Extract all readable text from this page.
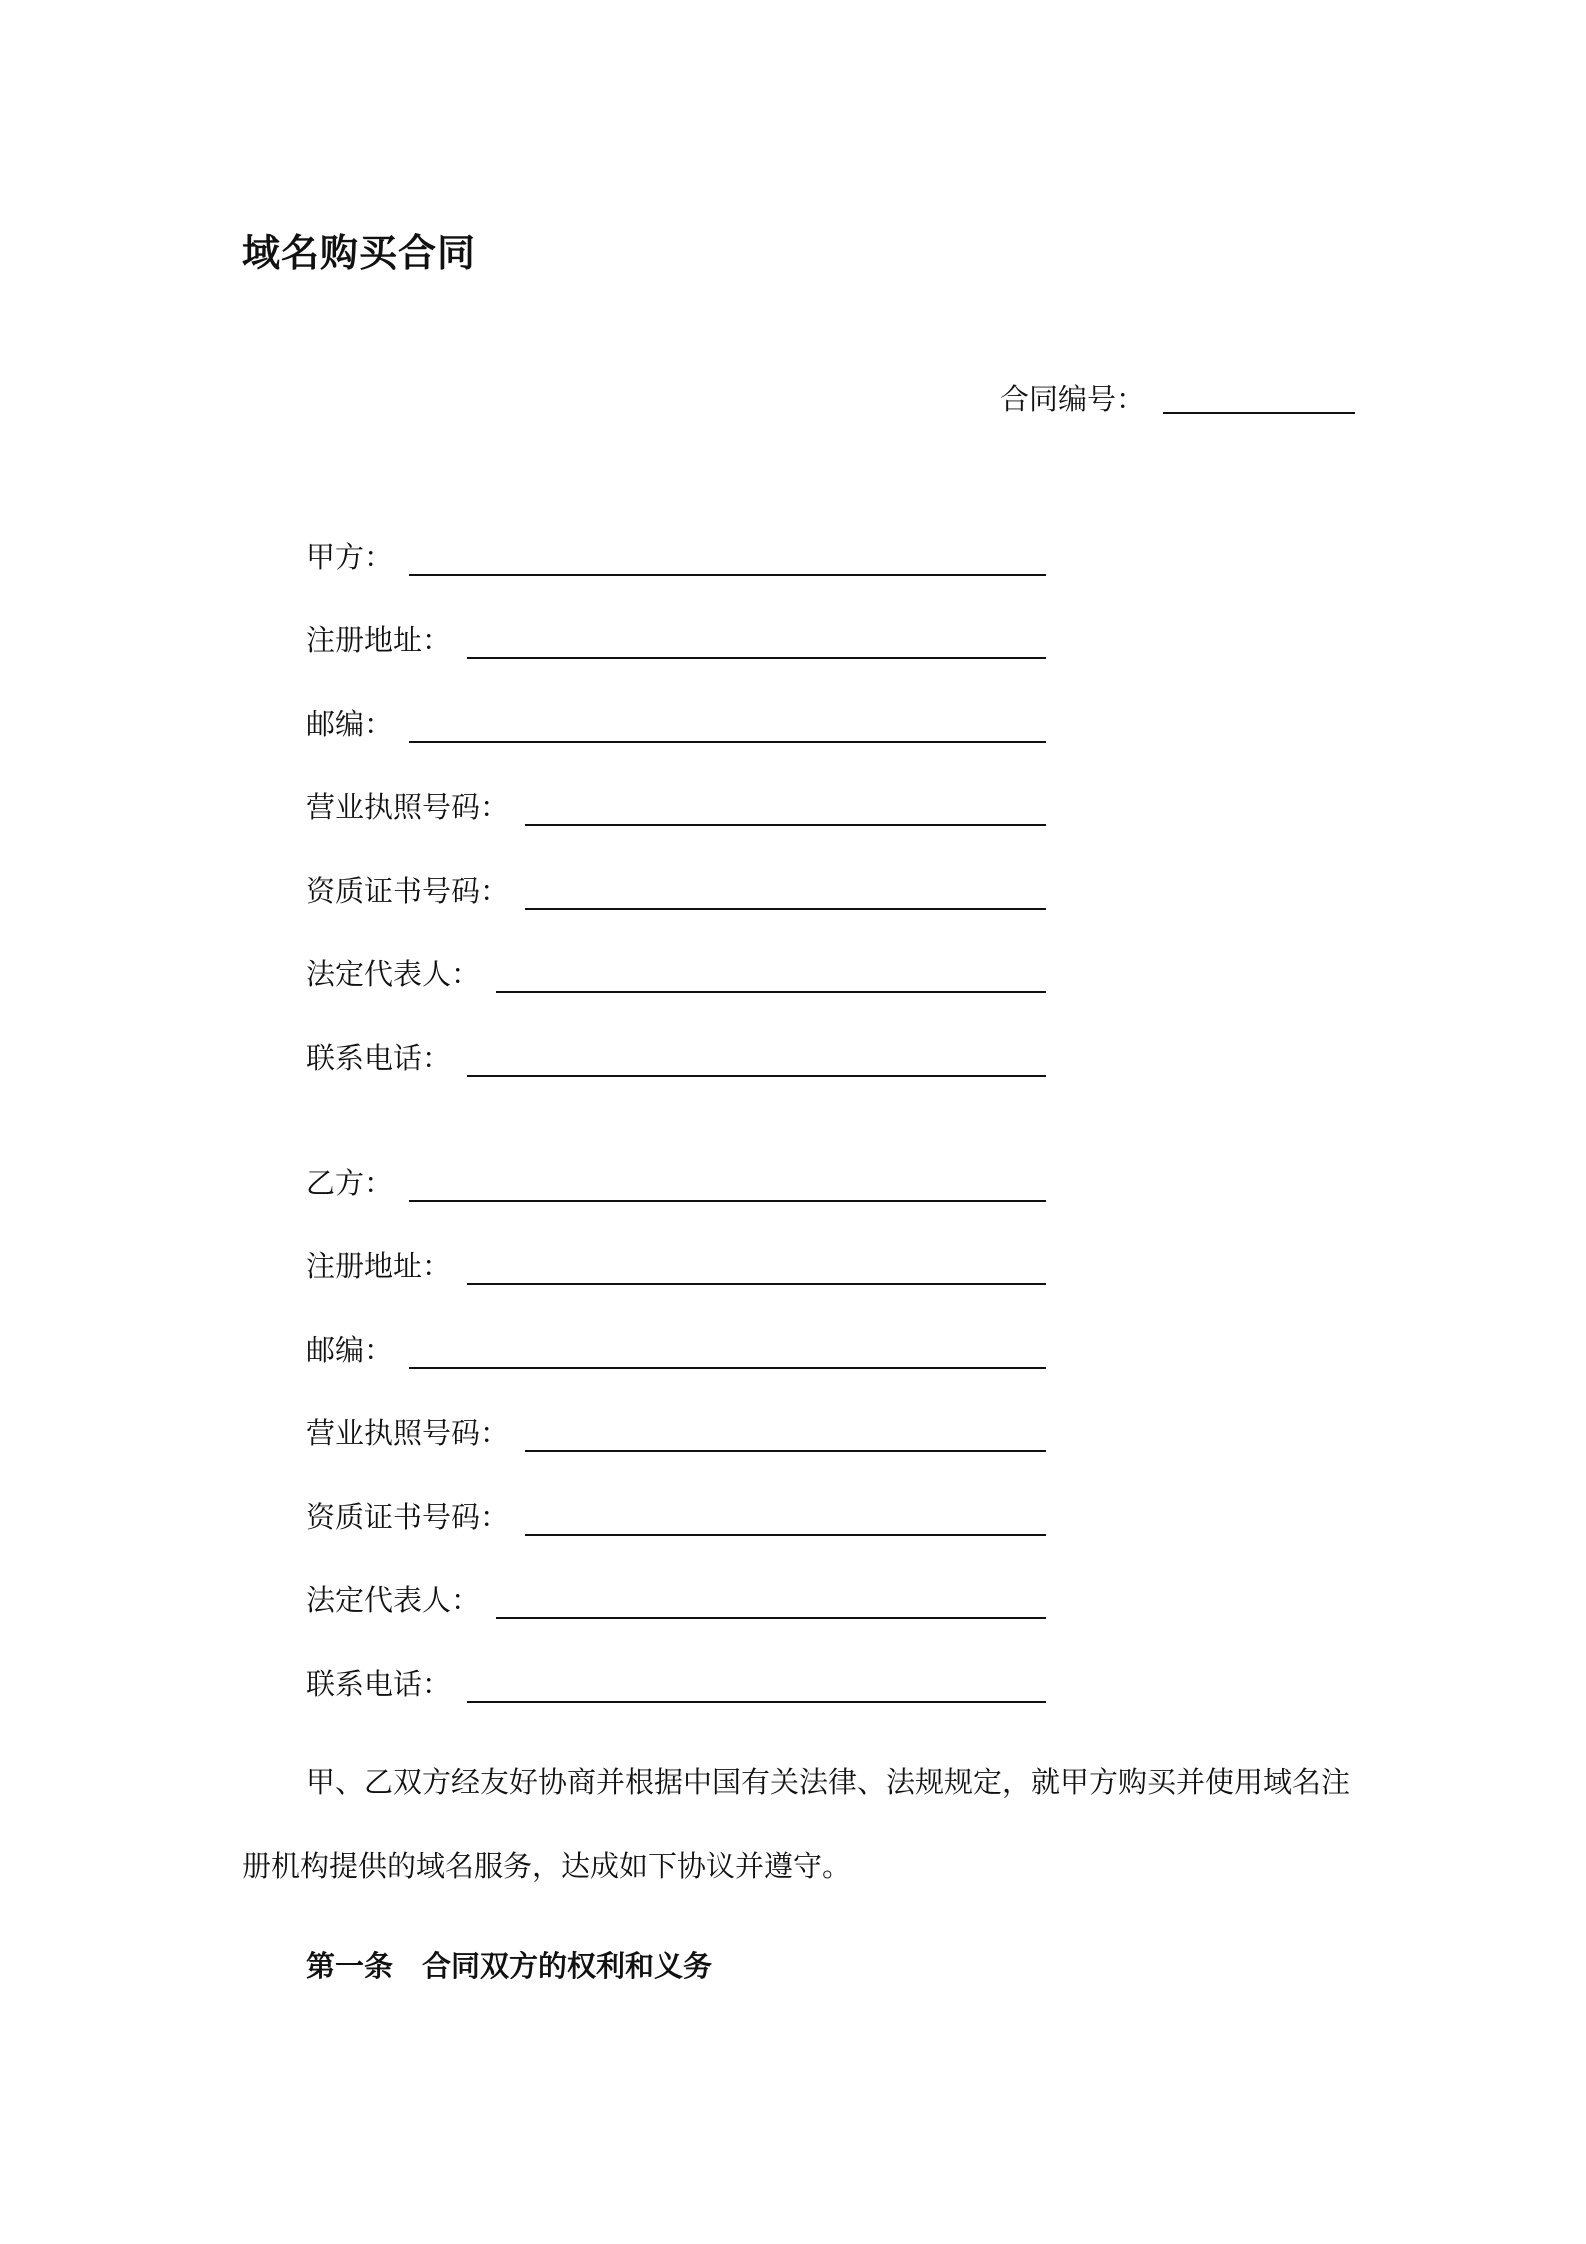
域名购买合同
合同编号：
甲方：
注册地址：
邮编：
营业执照号码：
资质证书号码：
法定代表人：
联系电话：
乙方：
注册地址：
邮编：
营业执照号码：
资质证书号码：
法定代表人：
联系电话：

甲、乙双方经友好协商并根据中国有关法律、法规规定，就甲方购买并使用域名注册机构提供的域名服务，达成如下协议并遵守。

第一条　合同双方的权利和义务
